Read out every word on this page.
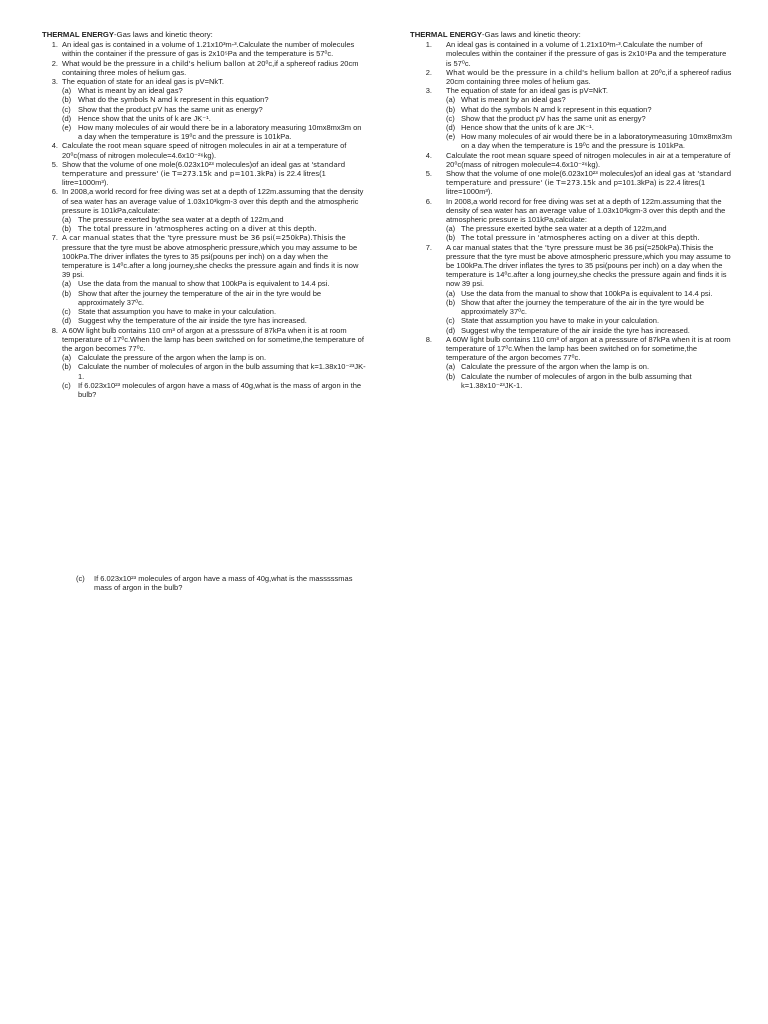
THERMAL ENERGY-Gas laws and kinetic theory:
1 . An ideal gas is contained in a volume of 1.21x10³m-³.Calculate the number of molecules within the container if the pressure of gas is 2x10⁵Pa and the temperature is 57⁰c.
2 . What would be the pressure in a child's helium ballon at 20⁰c,if a sphereof radius 20cm containing three moles of helium gas.
3 . The equation of state for an ideal gas is pV=NkT.
(a) What is meant by an ideal gas?
(b) What do the symbols N amd k represent in this equation?
(c) Show that the product pV has the same unit as energy?
(d) Hence show that the units of k are JK⁻¹.
(e) How many molecules of air would there be in a laboratory measuring 10mx8mx3m on a day when the temperature is 19⁰c and the pressure is 101kPa.
4 . Calculate the root mean square speed of nitrogen molecules in air at a temperature of 20⁰c(mass of nitrogen molecule=4.6x10⁻²⁶kg).
5 . Show that the volume of one mole(6.023x10²³ molecules)of an ideal gas at 'standard temperature and pressure' (ie T=273.15k and p=101.3kPa) is 22.4 litres(1 litre=1000m³).
6 . In 2008,a world record for free diving was set at a depth of 122m.assuming that the density of sea water has an average value of 1.03x10³kgm-3 over this depth and the atmospheric pressure is 101kPa,calculate:
(a) The pressure exerted bythe sea water at a depth of 122m,and
(b) The total pressure in 'atmospheres acting on a diver at this depth.
7 . A car manual states that the 'tyre pressure must be 36 psi(=250kPa).Thisis the pressure that the tyre must be above atmospheric pressure,which you may assume to be 100kPa.The driver inflates the tyres to 35 psi(pouns per inch) on a day when the temperature is 14⁰c.after a long journey,she checks the pressure again and finds it is now 39 psi.
(a) Use the data from the manual to show that 100kPa is equivalent to 14.4 psi.
(b) Show that after the journey the temperature of the air in the tyre would be approximately 37⁰c.
(c) State that assumption you have to make in your calculation.
(d) Suggest why the temperature of the air inside the tyre has increased.
8 . A 60W light bulb contains 110 cm³ of argon at a presssure of 87kPa when it is at room temperature of 17⁰c.When the lamp has been switched on for sometime,the temperature of the argon becomes 77⁰c.
(a) Calculate the pressure of the argon when the lamp is on.
(b) Calculate the number of molecules of argon in the bulb assuming that k=1.38x10⁻²³JK-1.
(c) If 6.023x10²³ molecules of argon have a mass of 40g,what is the mass of argon in the bulb?
(c)	If 6.023x10²³ molecules of argon have a mass of 40g,what is the masssssmas mass of argon in the bulb?
THERMAL ENERGY-Gas laws and kinetic theory:
1 . An ideal gas is contained in a volume of 1.21x10³m-³.Calculate the number of molecules within the container if the pressure of gas is 2x10⁵Pa and the temperature is 57⁰c.
2 . What would be the pressure in a child's helium ballon at 20⁰c,if a sphereof radius 20cm containing three moles of helium gas.
3 . The equation of state for an ideal gas is pV=NkT.
(a) What is meant by an ideal gas?
(b) What do the symbols N amd k represent in this equation?
(c) Show that the product pV has the same unit as energy?
(d) Hence show that the units of k are JK⁻¹.
(e) How many molecules of air would there be in a laboratorymeasuring 10mx8mx3m on a day when the temperature is 19⁰c and the pressure is 101kPa.
4 . Calculate the root mean square speed of nitrogen molecules in air at a temperature of 20⁰c(mass of nitrogen molecule=4.6x10⁻²⁶kg).
5 . Show that the volume of one mole(6.023x10²³ molecules)of an ideal gas at 'standard temperature and pressure' (ie T=273.15k and p=101.3kPa) is 22.4 litres(1 litre=1000m³).
6 . In 2008,a world record for free diving was set at a depth of 122m.assuming that the density of sea water has an average value of 1.03x10³kgm-3 over this depth and the atmospheric pressure is 101kPa,calculate:
(a) The pressure exerted bythe sea water at a depth of 122m,and
(b) The total pressure in 'atmospheres acting on a diver at this depth.
7 . A car manual states that the 'tyre pressure must be 36 psi(=250kPa).Thisis the pressure that the tyre must be above atmospheric pressure,which you may assume to be 100kPa.The driver inflates the tyres to 35 psi(pouns per inch) on a day when the temperature is 14⁰c.after a long journey,she checks the pressure again and finds it is now 39 psi.
(a) Use the data from the manual to show that 100kPa is equivalent to 14.4 psi.
(b) Show that after the journey the temperature of the air in the tyre would be approximately 37⁰c.
(c) State that assumption you have to make in your calculation.
(d) Suggest why the temperature of the air inside the tyre has increased.
8 . A 60W light bulb contains 110 cm³ of argon at a presssure of 87kPa when it is at room temperature of 17⁰c.When the lamp has been switched on for sometime,the temperature of the argon becomes 77⁰c.
(a) Calculate the pressure of the argon when the lamp is on.
(b) Calculate the number of molecules of argon in the bulb assuming that k=1.38x10⁻²³JK-1.
